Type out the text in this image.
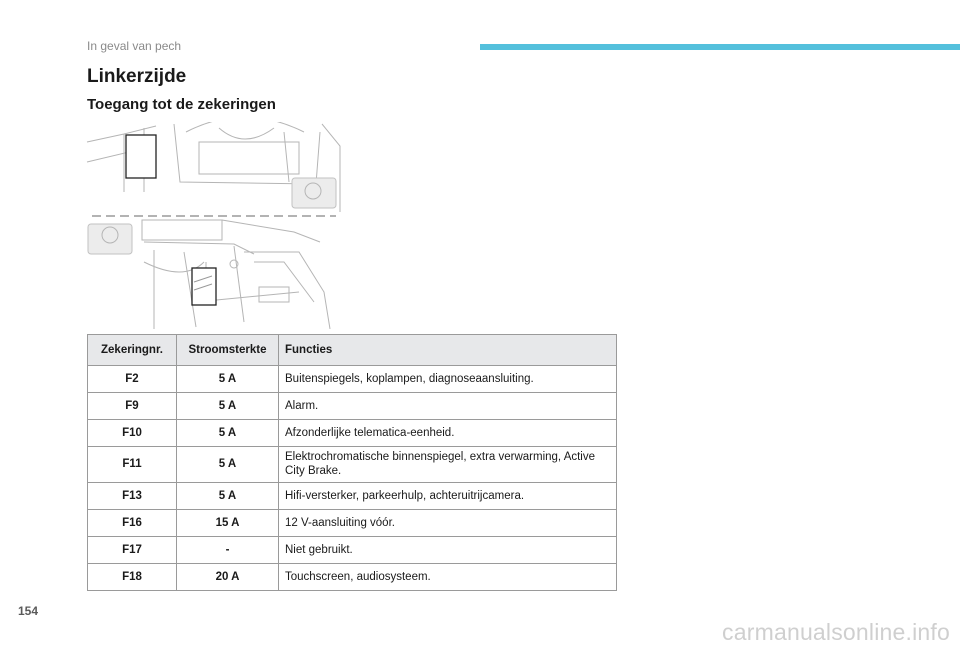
In geval van pech
Linkerzijde
Toegang tot de zekeringen
Zekeringnr.	Stroomsterkte	Functies
F2	5 A	Buitenspiegels, koplampen, diagnoseaansluiting.
F9	5 A	Alarm.
F10	5 A	Afzonderlijke telematica-eenheid.
F11	5 A	Elektrochromatische binnenspiegel, extra verwarming, Active City Brake.
F13	5 A	Hifi-versterker, parkeerhulp, achteruitrijcamera.
F16	15 A	12 V-aansluiting vóór.
F17	-	Niet gebruikt.
F18	20 A	Touchscreen, audiosysteem.
154
carmanualsonline.info
